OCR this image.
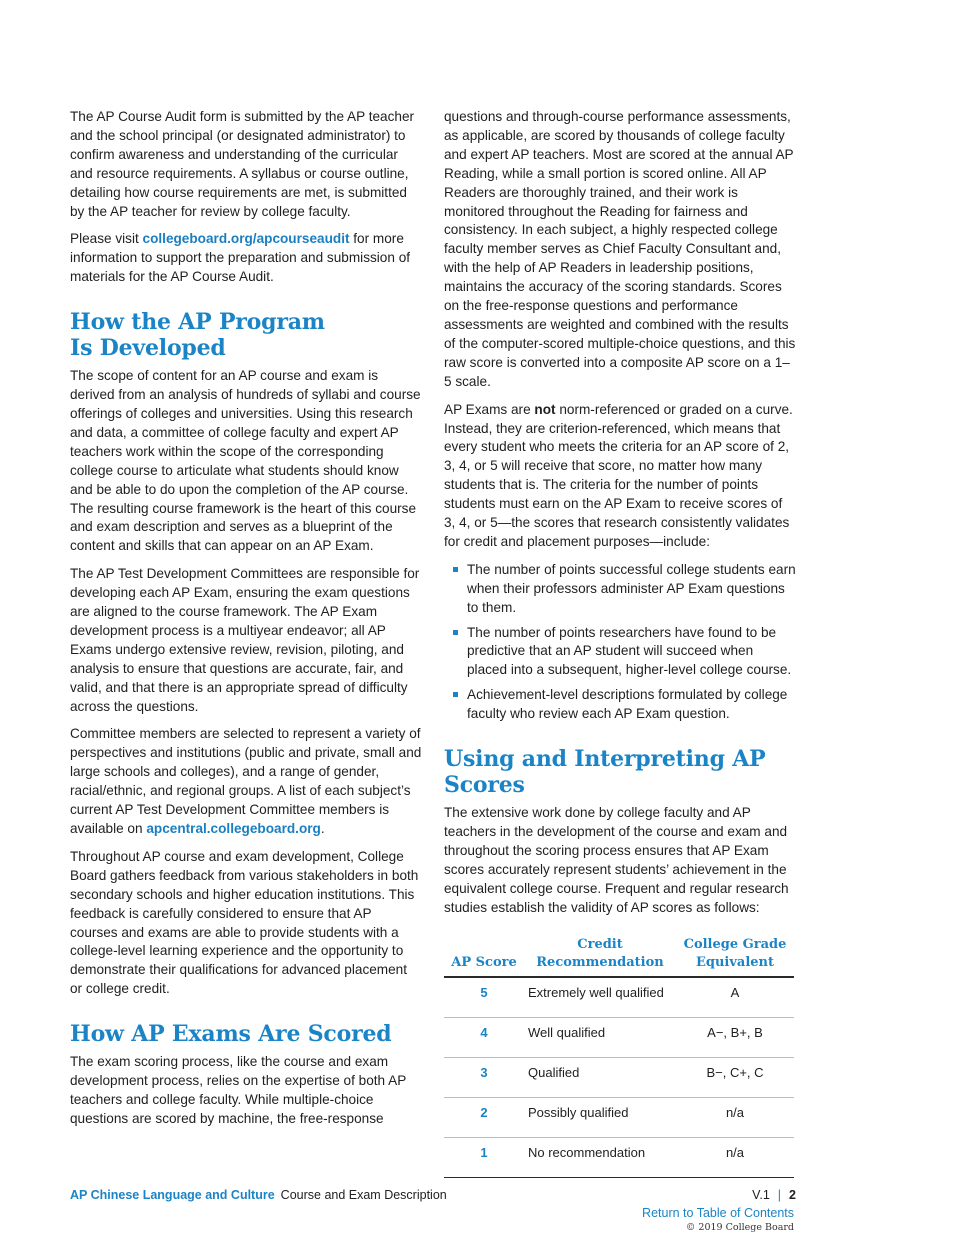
The AP Course Audit form is submitted by the AP teacher and the school principal (or designated administrator) to confirm awareness and understanding of the curricular and resource requirements. A syllabus or course outline, detailing how course requirements are met, is submitted by the AP teacher for review by college faculty.

Please visit collegeboard.org/apcourseaudit for more information to support the preparation and submission of materials for the AP Course Audit.

How the AP Program
Is Developed

The scope of content for an AP course and exam is derived from an analysis of hundreds of syllabi and course offerings of colleges and universities. Using this research and data, a committee of college faculty and expert AP teachers work within the scope of the corresponding college course to articulate what students should know and be able to do upon the completion of the AP course. The resulting course framework is the heart of this course and exam description and serves as a blueprint of the content and skills that can appear on an AP Exam.

The AP Test Development Committees are responsible for developing each AP Exam, ensuring the exam questions are aligned to the course framework. The AP Exam development process is a multiyear endeavor; all AP Exams undergo extensive review, revision, piloting, and analysis to ensure that questions are accurate, fair, and valid, and that there is an appropriate spread of difficulty across the questions.

Committee members are selected to represent a variety of perspectives and institutions (public and private, small and large schools and colleges), and a range of gender, racial/ethnic, and regional groups. A list of each subject’s current AP Test Development Committee members is available on apcentral.collegeboard.org.

Throughout AP course and exam development, College Board gathers feedback from various stakeholders in both secondary schools and higher education institutions. This feedback is carefully considered to ensure that AP courses and exams are able to provide students with a college-level learning experience and the opportunity to demonstrate their qualifications for advanced placement or college credit.

How AP Exams Are Scored

The exam scoring process, like the course and exam development process, relies on the expertise of both AP teachers and college faculty. While multiple-choice questions are scored by machine, the free-response

questions and through-course performance assessments, as applicable, are scored by thousands of college faculty and expert AP teachers. Most are scored at the annual AP Reading, while a small portion is scored online. All AP Readers are thoroughly trained, and their work is monitored throughout the Reading for fairness and consistency. In each subject, a highly respected college faculty member serves as Chief Faculty Consultant and, with the help of AP Readers in leadership positions, maintains the accuracy of the scoring standards. Scores on the free-response questions and performance assessments are weighted and combined with the results of the computer-scored multiple-choice questions, and this raw score is converted into a composite AP score on a 1–5 scale.

AP Exams are not norm-referenced or graded on a curve. Instead, they are criterion-referenced, which means that every student who meets the criteria for an AP score of 2, 3, 4, or 5 will receive that score, no matter how many students that is. The criteria for the number of points students must earn on the AP Exam to receive scores of 3, 4, or 5—the scores that research consistently validates for credit and placement purposes—include:

The number of points successful college students earn when their professors administer AP Exam questions to them.
The number of points researchers have found to be predictive that an AP student will succeed when placed into a subsequent, higher-level college course.
Achievement-level descriptions formulated by college faculty who review each AP Exam question.
Using and Interpreting AP Scores

The extensive work done by college faculty and AP teachers in the development of the course and exam and throughout the scoring process ensures that AP Exam scores accurately represent students’ achievement in the equivalent college course. Frequent and regular research studies establish the validity of AP scores as follows:

AP Score	Credit Recommendation	College Grade Equivalent
5	Extremely well qualified	A
4	Well qualified	A−, B+, B
3	Qualified	B−, C+, C
2	Possibly qualified	n/a
1	No recommendation	n/a
AP Chinese Language and Culture Course and Exam Description	V.1 | 2
Return to Table of Contents
© 2019 College Board
